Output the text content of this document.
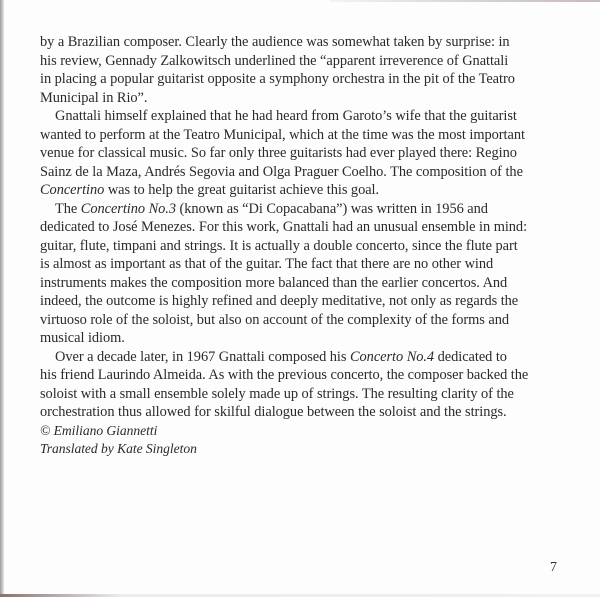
by a Brazilian composer. Clearly the audience was somewhat taken by surprise: in
his review, Gennady Zalkowitsch underlined the “apparent irreverence of Gnattali
in placing a popular guitarist opposite a symphony orchestra in the pit of the Teatro
Municipal in Rio”.
Gnattali himself explained that he had heard from Garoto’s wife that the guitarist
wanted to perform at the Teatro Municipal, which at the time was the most important
venue for classical music. So far only three guitarists had ever played there: Regino
Sainz de la Maza, Andrés Segovia and Olga Praguer Coelho. The composition of the
Concertino was to help the great guitarist achieve this goal.
The Concertino No.3 (known as “Di Copacabana”) was written in 1956 and
dedicated to José Menezes. For this work, Gnattali had an unusual ensemble in mind:
guitar, flute, timpani and strings. It is actually a double concerto, since the flute part
is almost as important as that of the guitar. The fact that there are no other wind
instruments makes the composition more balanced than the earlier concertos. And
indeed, the outcome is highly refined and deeply meditative, not only as regards the
virtuoso role of the soloist, but also on account of the complexity of the forms and
musical idiom.
Over a decade later, in 1967 Gnattali composed his Concerto No.4 dedicated to
his friend Laurindo Almeida. As with the previous concerto, the composer backed the
soloist with a small ensemble solely made up of strings. The resulting clarity of the
orchestration thus allowed for skilful dialogue between the soloist and the strings.
© Emiliano Giannetti
Translated by Kate Singleton
7
